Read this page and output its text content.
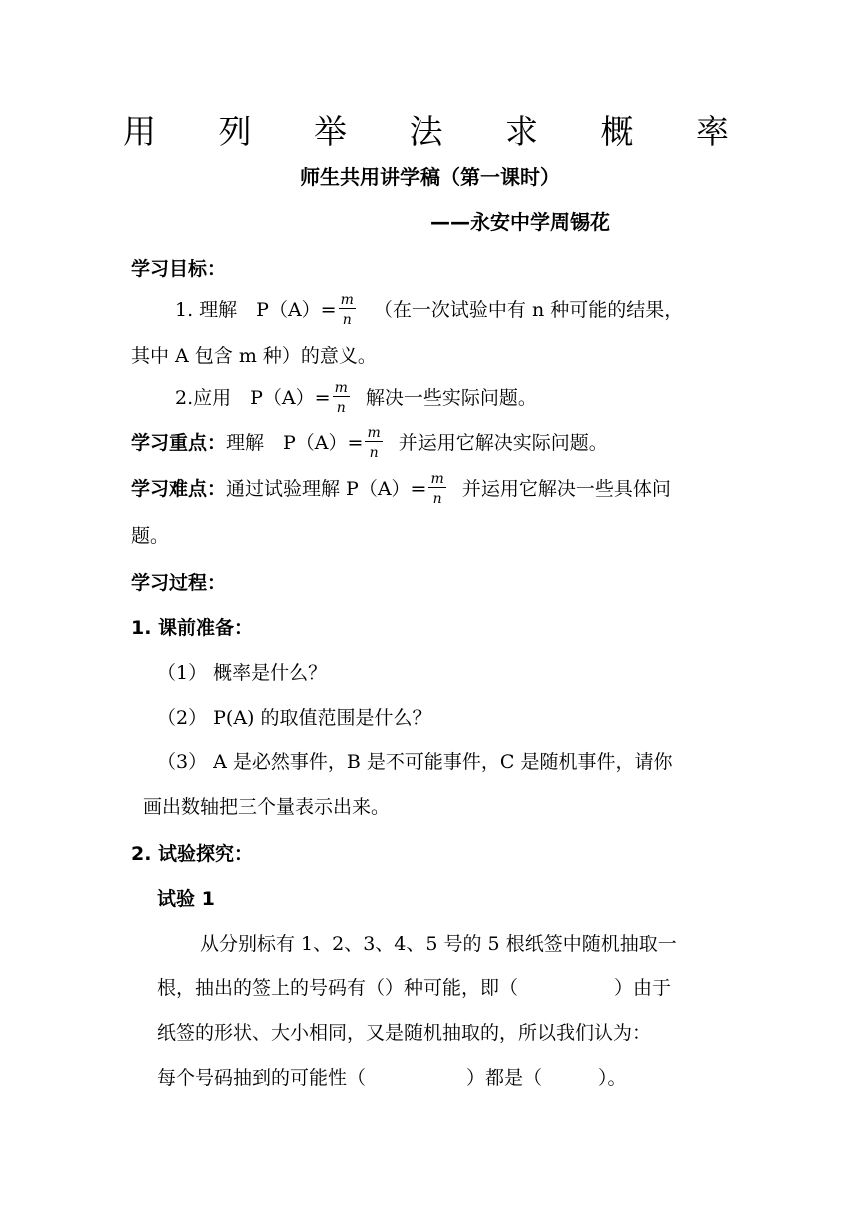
用 列 举 法 求 概 率
师生共用讲学稿（第一课时）
——永安中学周锡花
学习目标：
1. 理解　$P(A)= \frac{m}{n}$ （在一次试验中有 n 种可能的结果，
其中 A 包含 m 种）的意义。
2.应用　$P(A)= \frac{m}{n}$ 解决一些实际问题。
学习重点：理解　$P(A)= \frac{m}{n}$ 并运用它解决实际问题。
学习难点：通过试验理解 $P(A)= \frac{m}{n}$ 并运用它解决一些具体问
题。
学习过程：
1. 课前准备：
（1） 概率是什么？
（2） P(A) 的取值范围是什么？
（3） A 是必然事件，B 是不可能事件，C 是随机事件，请你
画出数轴把三个量表示出来。
2. 试验探究：
试验 1
从分别标有 1、2、3、4、5 号的 5 根纸签中随机抽取一
根，抽出的签上的号码有（）种可能，即（	）由于
纸签的形状、大小相同，又是随机抽取的，所以我们认为：
每个号码抽到的可能性（	）都是（	）。
